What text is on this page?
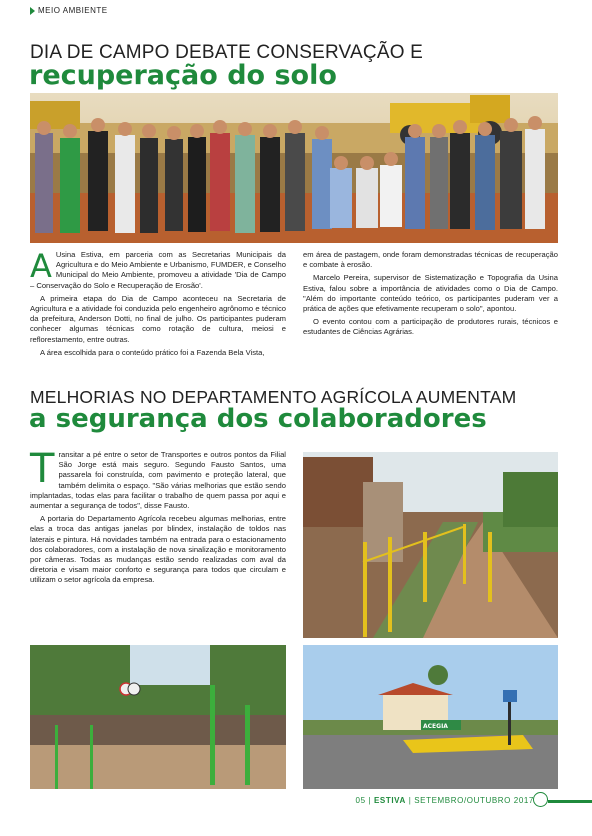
MEIO AMBIENTE
DIA DE CAMPO DEBATE CONSERVAÇÃO E
recuperação do solo
A Usina Estiva, em parceria com as Secretarias Municipais da Agricultura e do Meio Ambiente e Urbanismo, FUMDER, e Conselho Municipal do Meio Ambiente, promoveu a atividade 'Dia de Campo – Conservação do Solo e Recuperação de Erosão'.

A primeira etapa do Dia de Campo aconteceu na Secretaria de Agricultura e a atividade foi conduzida pelo engenheiro agrônomo e técnico da prefeitura, Anderson Dotti, no final de julho. Os participantes puderam conhecer algumas técnicas como rotação de cultura, meiosi e reflorestamento, entre outras.

A área escolhida para o conteúdo prático foi a Fazenda Bela Vista,

em área de pastagem, onde foram demonstradas técnicas de recuperação e combate à erosão.

Marcelo Pereira, supervisor de Sistematização e Topografia da Usina Estiva, falou sobre a importância de atividades como o Dia de Campo. "Além do importante conteúdo teórico, os participantes puderam ver a prática de ações que efetivamente recuperam o solo", apontou.

O evento contou com a participação de produtores rurais, técnicos e estudantes de Ciências Agrárias.

MELHORIAS NO DEPARTAMENTO AGRÍCOLA AUMENTAM
a segurança dos colaboradores
T ransitar a pé entre o setor de Transportes e outros pontos da Filial São Jorge está mais seguro. Segundo Fausto Santos, uma passarela foi construída, com pavimento e proteção lateral, que também delimita o espaço. "São várias melhorias que estão sendo implantadas, todas elas para facilitar o trabalho de quem passa por aqui e aumentar a segurança de todos", disse Fausto.

A portaria do Departamento Agrícola recebeu algumas melhorias, entre elas a troca das antigas janelas por blindex, instalação de toldos nas laterais e pintura. Há novidades também na entrada para o estacionamento dos colaboradores, com a instalação de nova sinalização e monitoramento por câmeras. Todas as mudanças estão sendo realizadas com aval da diretoria e visam maior conforto e segurança para todos que circulam e utilizam o setor agrícola da empresa.

ACEGIA
05 | ESTIVA | SETEMBRO/OUTUBRO 2017
